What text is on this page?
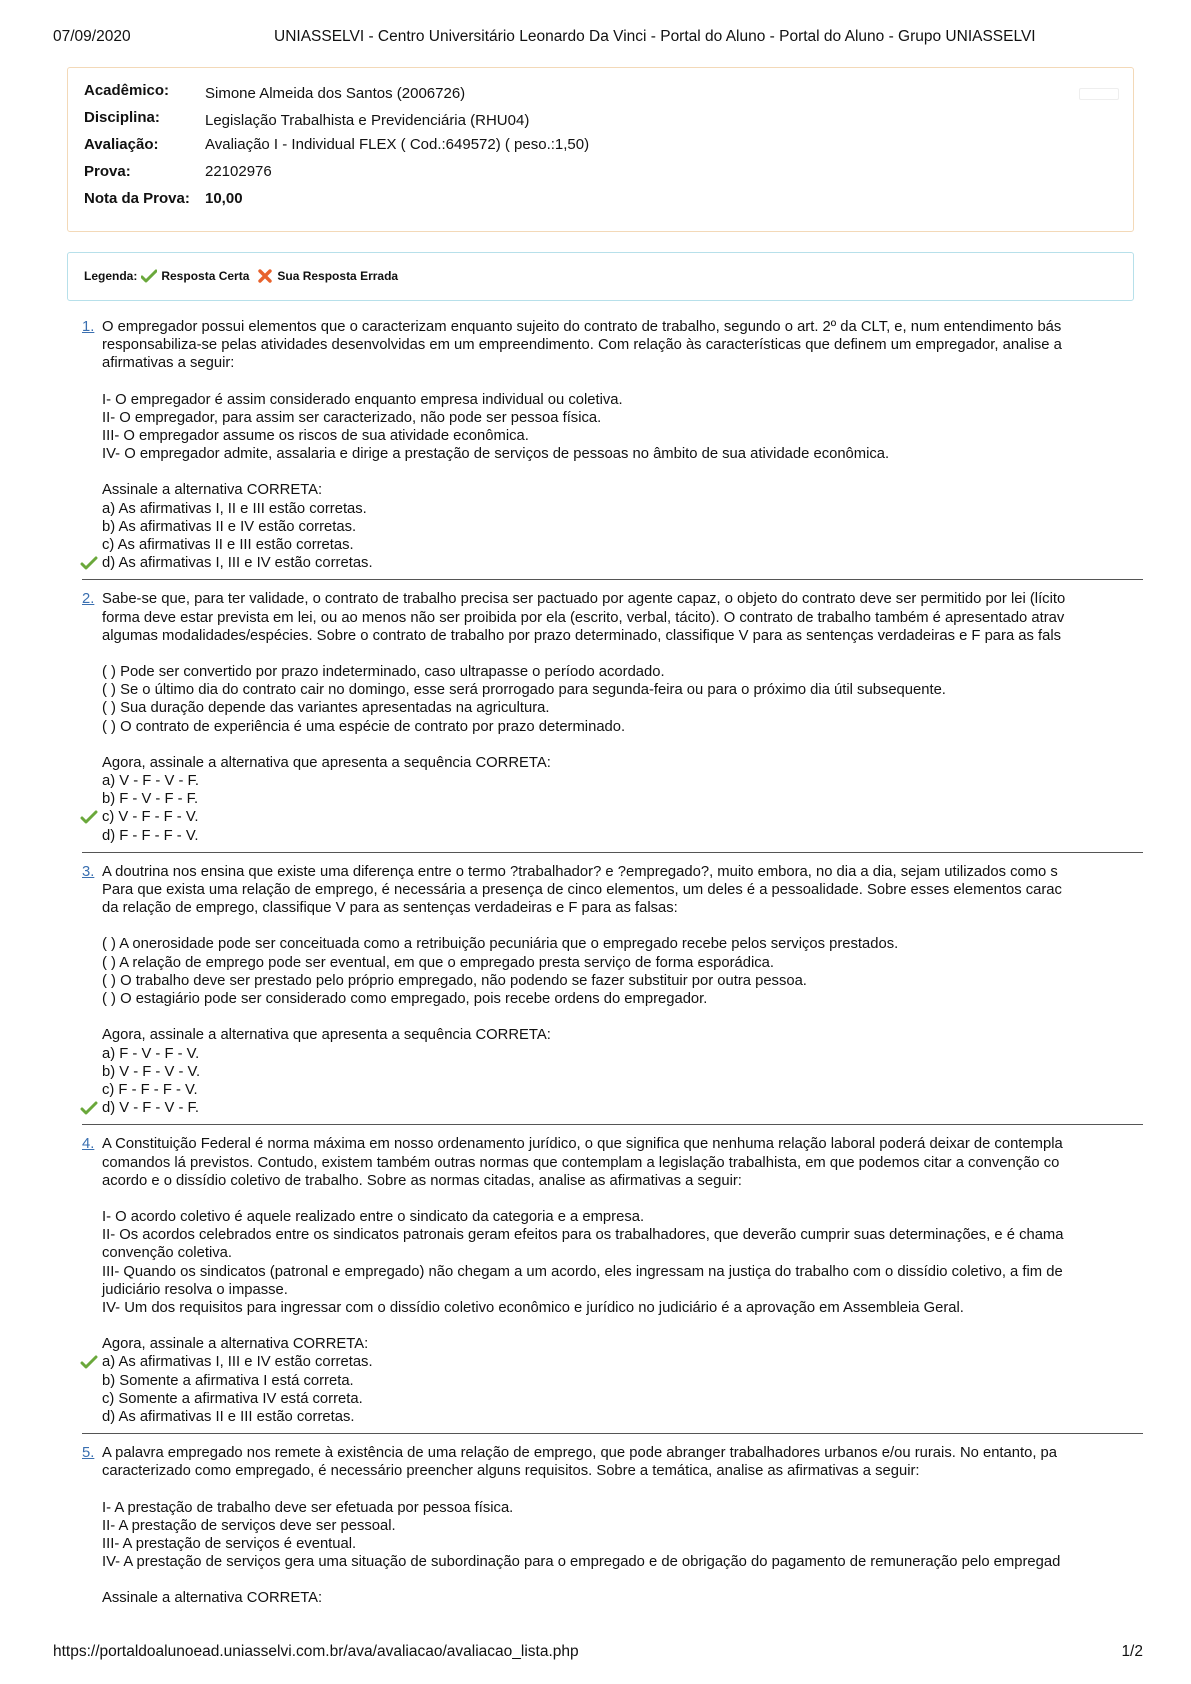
07/09/2020	UNIASSELVI - Centro Universitário Leonardo Da Vinci - Portal do Aluno - Portal do Aluno - Grupo UNIASSELVI
Acadêmico: Simone Almeida dos Santos (2006726)
Disciplina:	Legislação Trabalhista e Previdenciária (RHU04)
Avaliação:	Avaliação I - Individual FLEX ( Cod.:649572) ( peso.:1,50)
Prova:	22102976
Nota da Prova: 10,00
Legenda: Resposta Certa Sua Resposta Errada
1. O empregador possui elementos que o caracterizam enquanto sujeito do contrato de trabalho, segundo o art. 2º da CLT, e, num entendimento bás
responsabiliza-se pelas atividades desenvolvidas em um empreendimento. Com relação às características que definem um empregador, analise a
afirmativas a seguir:
I- O empregador é assim considerado enquanto empresa individual ou coletiva.
II- O empregador, para assim ser caracterizado, não pode ser pessoa física.
III- O empregador assume os riscos de sua atividade econômica.
IV- O empregador admite, assalaria e dirige a prestação de serviços de pessoas no âmbito de sua atividade econômica.
Assinale a alternativa CORRETA:
a) As afirmativas I, II e III estão corretas.
b) As afirmativas II e IV estão corretas.
c) As afirmativas II e III estão corretas.
d) As afirmativas I, III e IV estão corretas.
2. Sabe-se que, para ter validade, o contrato de trabalho precisa ser pactuado por agente capaz, o objeto do contrato deve ser permitido por lei (lícito
forma deve estar prevista em lei, ou ao menos não ser proibida por ela (escrito, verbal, tácito). O contrato de trabalho também é apresentado atrav
algumas modalidades/espécies. Sobre o contrato de trabalho por prazo determinado, classifique V para as sentenças verdadeiras e F para as fals
( ) Pode ser convertido por prazo indeterminado, caso ultrapasse o período acordado.
( ) Se o último dia do contrato cair no domingo, esse será prorrogado para segunda-feira ou para o próximo dia útil subsequente.
( ) Sua duração depende das variantes apresentadas na agricultura.
( ) O contrato de experiência é uma espécie de contrato por prazo determinado.
Agora, assinale a alternativa que apresenta a sequência CORRETA:
a) V - F - V - F.
b) F - V - F - F.
c) V - F - F - V.
d) F - F - F - V.
3. A doutrina nos ensina que existe uma diferença entre o termo ?trabalhador? e ?empregado?, muito embora, no dia a dia, sejam utilizados como s
Para que exista uma relação de emprego, é necessária a presença de cinco elementos, um deles é a pessoalidade. Sobre esses elementos carac
da relação de emprego, classifique V para as sentenças verdadeiras e F para as falsas:
( ) A onerosidade pode ser conceituada como a retribuição pecuniária que o empregado recebe pelos serviços prestados.
( ) A relação de emprego pode ser eventual, em que o empregado presta serviço de forma esporádica.
( ) O trabalho deve ser prestado pelo próprio empregado, não podendo se fazer substituir por outra pessoa.
( ) O estagiário pode ser considerado como empregado, pois recebe ordens do empregador.
Agora, assinale a alternativa que apresenta a sequência CORRETA:
a) F - V - F - V.
b) V - F - V - V.
c) F - F - F - V.
d) V - F - V - F.
4. A Constituição Federal é norma máxima em nosso ordenamento jurídico, o que significa que nenhuma relação laboral poderá deixar de contempla
comandos lá previstos. Contudo, existem também outras normas que contemplam a legislação trabalhista, em que podemos citar a convenção co
acordo e o dissídio coletivo de trabalho. Sobre as normas citadas, analise as afirmativas a seguir:
I- O acordo coletivo é aquele realizado entre o sindicato da categoria e a empresa.
II- Os acordos celebrados entre os sindicatos patronais geram efeitos para os trabalhadores, que deverão cumprir suas determinações, e é chama
convenção coletiva.
III- Quando os sindicatos (patronal e empregado) não chegam a um acordo, eles ingressam na justiça do trabalho com o dissídio coletivo, a fim de
judiciário resolva o impasse.
IV- Um dos requisitos para ingressar com o dissídio coletivo econômico e jurídico no judiciário é a aprovação em Assembleia Geral.
Agora, assinale a alternativa CORRETA:
a) As afirmativas I, III e IV estão corretas.
b) Somente a afirmativa I está correta.
c) Somente a afirmativa IV está correta.
d) As afirmativas II e III estão corretas.
5. A palavra empregado nos remete à existência de uma relação de emprego, que pode abranger trabalhadores urbanos e/ou rurais. No entanto, pa
caracterizado como empregado, é necessário preencher alguns requisitos. Sobre a temática, analise as afirmativas a seguir:
I- A prestação de trabalho deve ser efetuada por pessoa física.
II- A prestação de serviços deve ser pessoal.
III- A prestação de serviços é eventual.
IV- A prestação de serviços gera uma situação de subordinação para o empregado e de obrigação do pagamento de remuneração pelo empregad
Assinale a alternativa CORRETA:
https://portaldoalunoead.uniasselvi.com.br/ava/avaliacao/avaliacao_lista.php	1/2
